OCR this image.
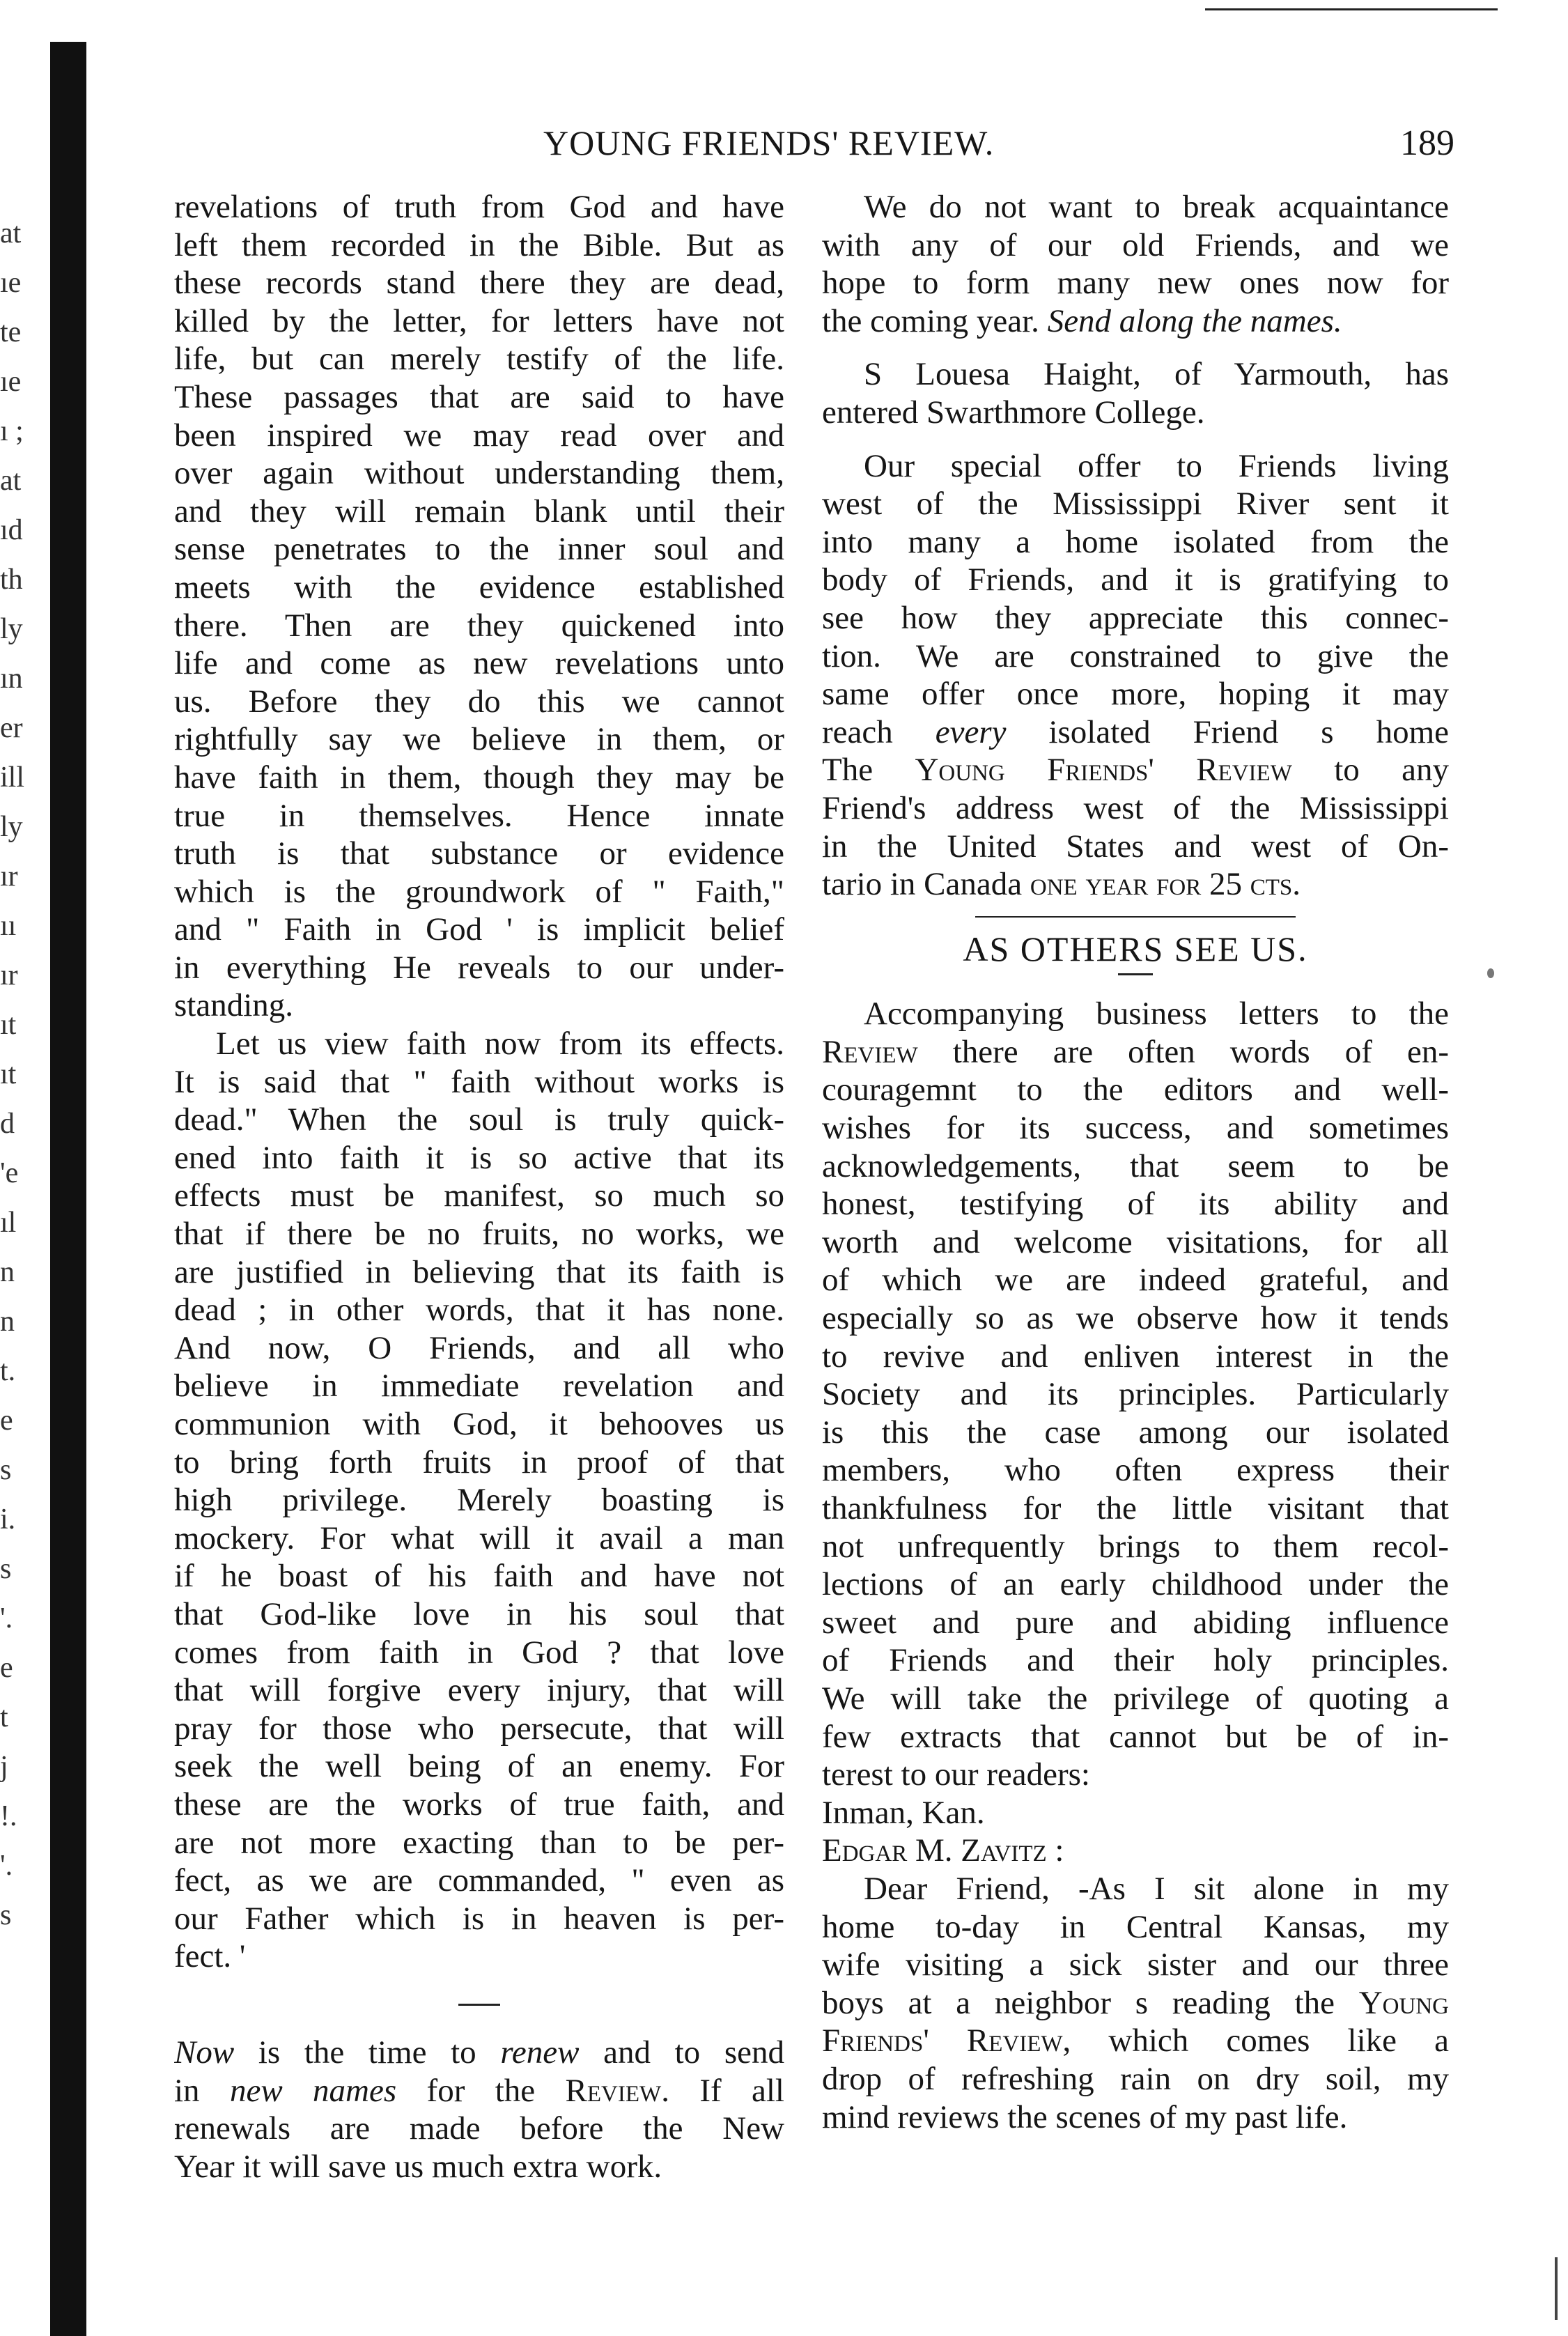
at
ıe
te
ıe
ı ;
at
ıd
th
ly
ın
er
ill
ly
ır
ıı
ır
ıt
ıt
d
'e
ıl
n
n
t.
e
s
i.
s
'.
e
t
j
!.
'.
s
YOUNG FRIENDS' REVIEW.	189
revelations of truth from God and have
left them recorded in the Bible. But as
these records stand there they are dead,
killed by the letter, for letters have not
life, but can merely testify of the life.
These passages that are said to have
been inspired we may read over and
over again without understanding them,
and they will remain blank until their
sense penetrates to the inner soul and
meets with the evidence established
there. Then are they quickened into
life and come as new revelations unto
us. Before they do this we cannot
rightfully say we believe in them, or
have faith in them, though they may be
true in themselves. Hence innate
truth is that substance or evidence
which is the groundwork of " Faith,"
and " Faith in God ' is implicit belief
in everything He reveals to our under-
standing.
Let us view faith now from its effects.
It is said that " faith without works is
dead." When the soul is truly quick-
ened into faith it is so active that its
effects must be manifest, so much so
that if there be no fruits, no works, we
are justified in believing that its faith is
dead ; in other words, that it has none.
And now, O Friends, and all who
believe in immediate revelation and
communion with God, it behooves us
to bring forth fruits in proof of that
high privilege. Merely boasting is
mockery. For what will it avail a man
if he boast of his faith and have not
that God-like love in his soul that
comes from faith in God ? that love
that will forgive every injury, that will
pray for those who persecute, that will
seek the well being of an enemy. For
these are the works of true faith, and
are not more exacting than to be per-
fect, as we are commanded, " even as
our Father which is in heaven is per-
fect. '
Now is the time to renew and to send
in new names for the Review. If all
renewals are made before the New
Year it will save us much extra work.
We do not want to break acquaintance
with any of our old Friends, and we
hope to form many new ones now for
the coming year. Send along the names.
S Louesa Haight, of Yarmouth, has
entered Swarthmore College.
Our special offer to Friends living
west of the Mississippi River sent it
into many a home isolated from the
body of Friends, and it is gratifying to
see how they appreciate this connec-
tion. We are constrained to give the
same offer once more, hoping it may
reach every isolated Friend s home
The Young Friends' Review to any
Friend's address west of the Mississippi
in the United States and west of On-
tario in Canada one year for 25 cts.
AS OTHERS SEE US.
Accompanying business letters to the
Review there are often words of en-
couragemnt to the editors and well-
wishes for its success, and sometimes
acknowledgements, that seem to be
honest, testifying of its ability and
worth and welcome visitations, for all
of which we are indeed grateful, and
especially so as we observe how it tends
to revive and enliven interest in the
Society and its principles. Particularly
is this the case among our isolated
members, who often express their
thankfulness for the little visitant that
not unfrequently brings to them recol-
lections of an early childhood under the
sweet and pure and abiding influence
of Friends and their holy principles.
We will take the privilege of quoting a
few extracts that cannot but be of in-
terest to our readers:
Inman, Kan.
Edgar M. Zavitz :
Dear Friend, -As I sit alone in my
home to-day in Central Kansas, my
wife visiting a sick sister and our three
boys at a neighbor s reading the Young
Friends' Review, which comes like a
drop of refreshing rain on dry soil, my
mind reviews the scenes of my past life.
